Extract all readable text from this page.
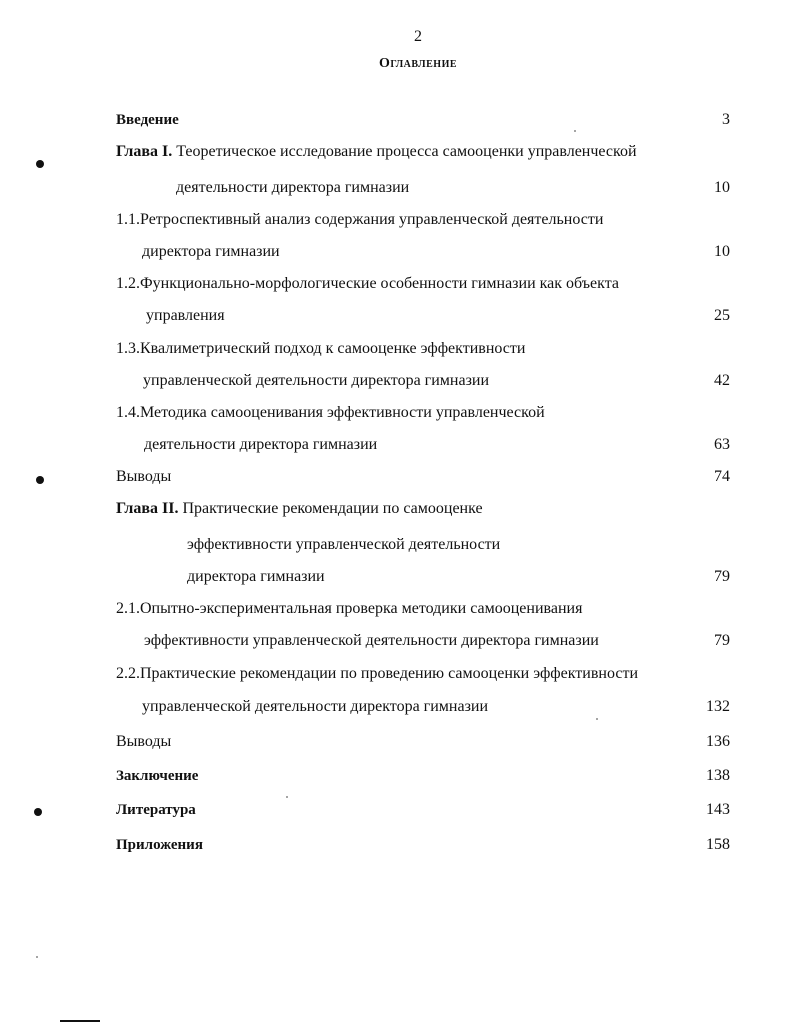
2
Оглавление
Введение	3
Глава I. Теоретическое исследование процесса самооценки управленческой
деятельности директора гимназии	10
1.1.Ретроспективный анализ содержания управленческой деятельности
директора гимназии	10
1.2.Функционально-морфологические особенности гимназии как объекта
управления	25
1.3.Квалиметрический подход к самооценке эффективности
управленческой деятельности директора гимназии	42
1.4.Методика самооценивания эффективности управленческой
деятельности директора гимназии	63
Выводы	74
Глава II. Практические рекомендации по самооценке
эффективности управленческой деятельности
директора гимназии	79
2.1.Опытно-экспериментальная проверка методики самооценивания
эффективности управленческой деятельности директора гимназии	79
2.2.Практические рекомендации по проведению самооценки эффективности
управленческой деятельности директора гимназии	132
Выводы	136
Заключение	138
Литература	143
Приложения	158
